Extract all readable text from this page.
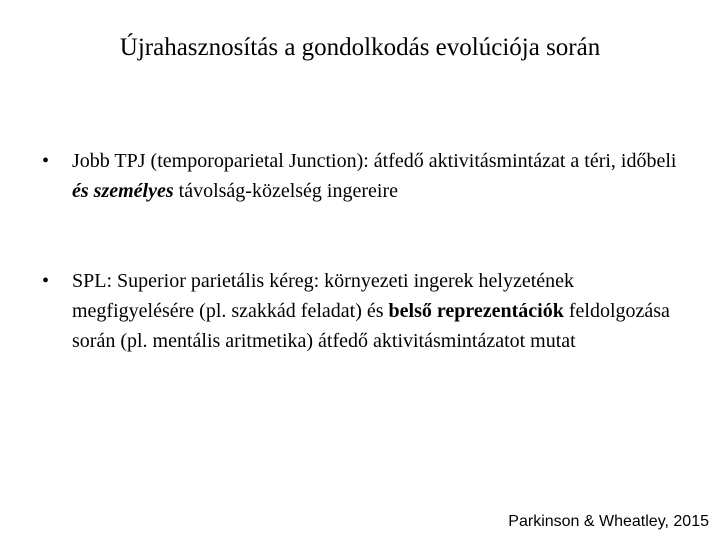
Újrahasznosítás a gondolkodás evolúciója során
• Jobb TPJ (temporoparietal Junction): átfedő aktivitásmintázat a téri, időbeli és személyes távolság-közelség ingereire
• SPL: Superior parietális kéreg: környezeti ingerek helyzetének megfigyelésére (pl. szakkád feladat) és belső reprezentációk feldolgozása során (pl. mentális aritmetika) átfedő aktivitásmintázatot mutat

Parkinson & Wheatley, 2015
